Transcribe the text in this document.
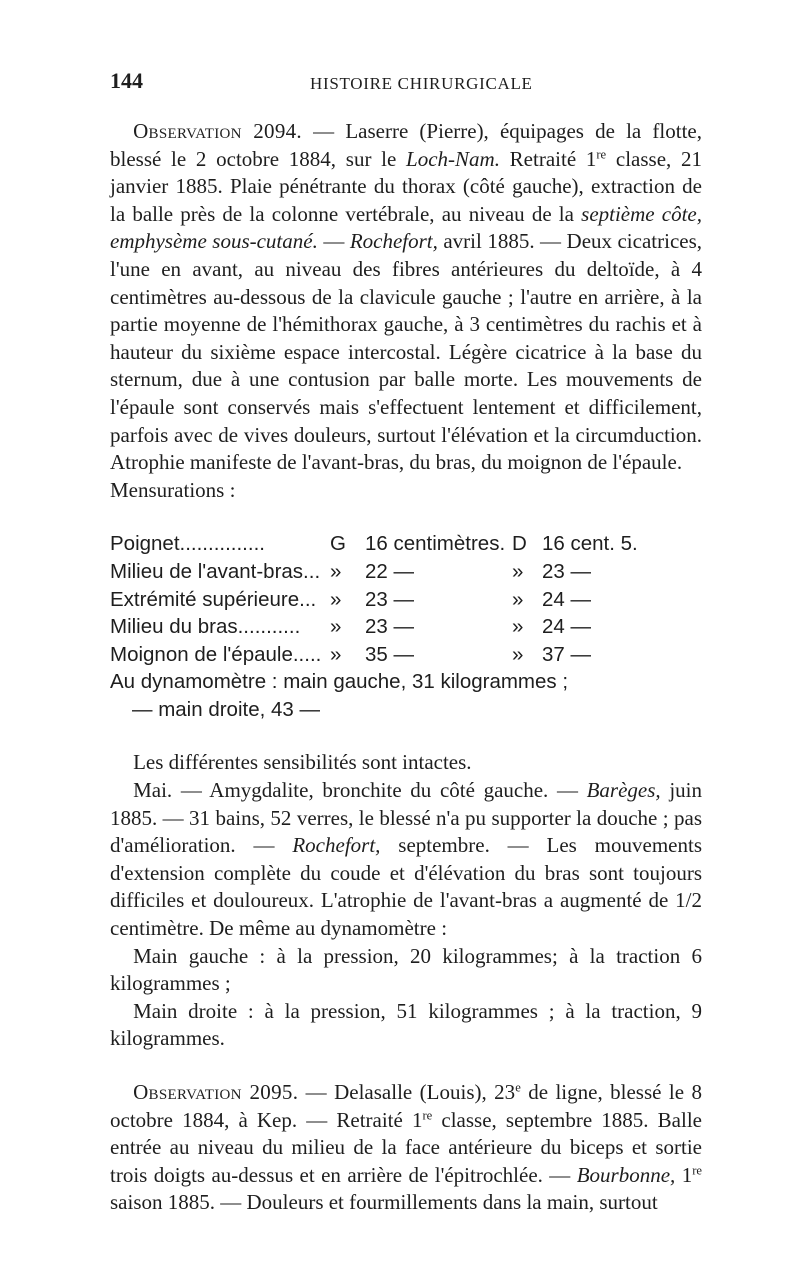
144	HISTOIRE CHIRURGICALE

Observation 2094. — Laserre (Pierre), équipages de la flotte, blessé le 2 octobre 1884, sur le Loch-Nam. Retraité 1re classe, 21 janvier 1885. Plaie pénétrante du thorax (côté gauche), extraction de la balle près de la colonne vertébrale, au niveau de la septième côte, emphysème sous-cutané. — Rochefort, avril 1885. — Deux cicatrices, l'une en avant, au niveau des fibres antérieures du deltoïde, à 4 centimètres au-dessous de la clavicule gauche ; l'autre en arrière, à la partie moyenne de l'hémithorax gauche, à 3 centimètres du rachis et à hauteur du sixième espace intercostal. Légère cicatrice à la base du sternum, due à une contusion par balle morte. Les mouvements de l'épaule sont conservés mais s'effectuent lentement et difficilement, parfois avec de vives douleurs, surtout l'élévation et la circumduction. Atrophie manifeste de l'avant-bras, du bras, du moignon de l'épaule.

Mensurations :

Poignet...............	G 16 centimètres. D 16 cent. 5.
Milieu de l'avant-bras... »	22 —	» 23 —
Extrémité supérieure... »	23 —	» 24 —
Milieu du bras...........	»	23 —	» 24 —
Moignon de l'épaule..... »	35 —	» 37 —
Au dynamomètre : main gauche, 31 kilogrammes ;
— main droite, 43 —

Les différentes sensibilités sont intactes.

Mai. — Amygdalite, bronchite du côté gauche. — Barèges, juin 1885. — 31 bains, 52 verres, le blessé n'a pu supporter la douche ; pas d'amélioration. — Rochefort, septembre. — Les mouvements d'extension complète du coude et d'élévation du bras sont toujours difficiles et douloureux. L'atrophie de l'avant-bras a augmenté de 1/2 centimètre. De même au dynamomètre :

Main gauche : à la pression, 20 kilogrammes; à la traction 6 kilogrammes ;

Main droite : à la pression, 51 kilogrammes ; à la traction, 9 kilogrammes.

Observation 2095. — Delasalle (Louis), 23e de ligne, blessé le 8 octobre 1884, à Kep. — Retraité 1re classe, septembre 1885. Balle entrée au niveau du milieu de la face antérieure du biceps et sortie trois doigts au-dessus et en arrière de l'épitrochlée. — Bourbonne, 1re saison 1885. — Douleurs et fourmillements dans la main, surtout
